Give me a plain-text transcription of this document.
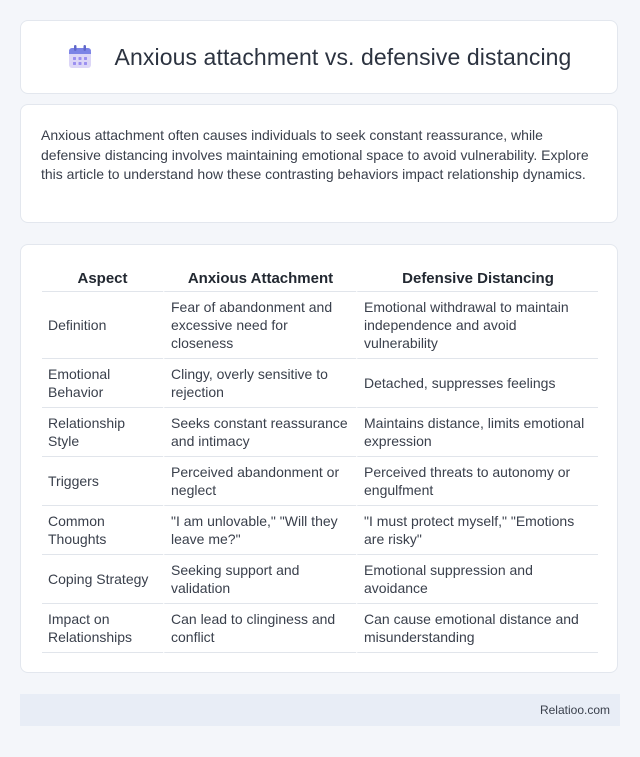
Anxious attachment vs. defensive distancing

Anxious attachment often causes individuals to seek constant reassurance, while defensive distancing involves maintaining emotional space to avoid vulnerability. Explore this article to understand how these contrasting behaviors impact relationship dynamics.

Aspect	Anxious Attachment	Defensive Distancing
Definition	Fear of abandonment and excessive need for closeness	Emotional withdrawal to maintain independence and avoid vulnerability
Emotional Behavior	Clingy, overly sensitive to rejection	Detached, suppresses feelings
Relationship Style	Seeks constant reassurance and intimacy	Maintains distance, limits emotional expression
Triggers	Perceived abandonment or neglect	Perceived threats to autonomy or engulfment
Common Thoughts	"I am unlovable," "Will they leave me?"	"I must protect myself," "Emotions are risky"
Coping Strategy	Seeking support and validation	Emotional suppression and avoidance
Impact on Relationships	Can lead to clinginess and conflict	Can cause emotional distance and misunderstanding
Relatioo.com
